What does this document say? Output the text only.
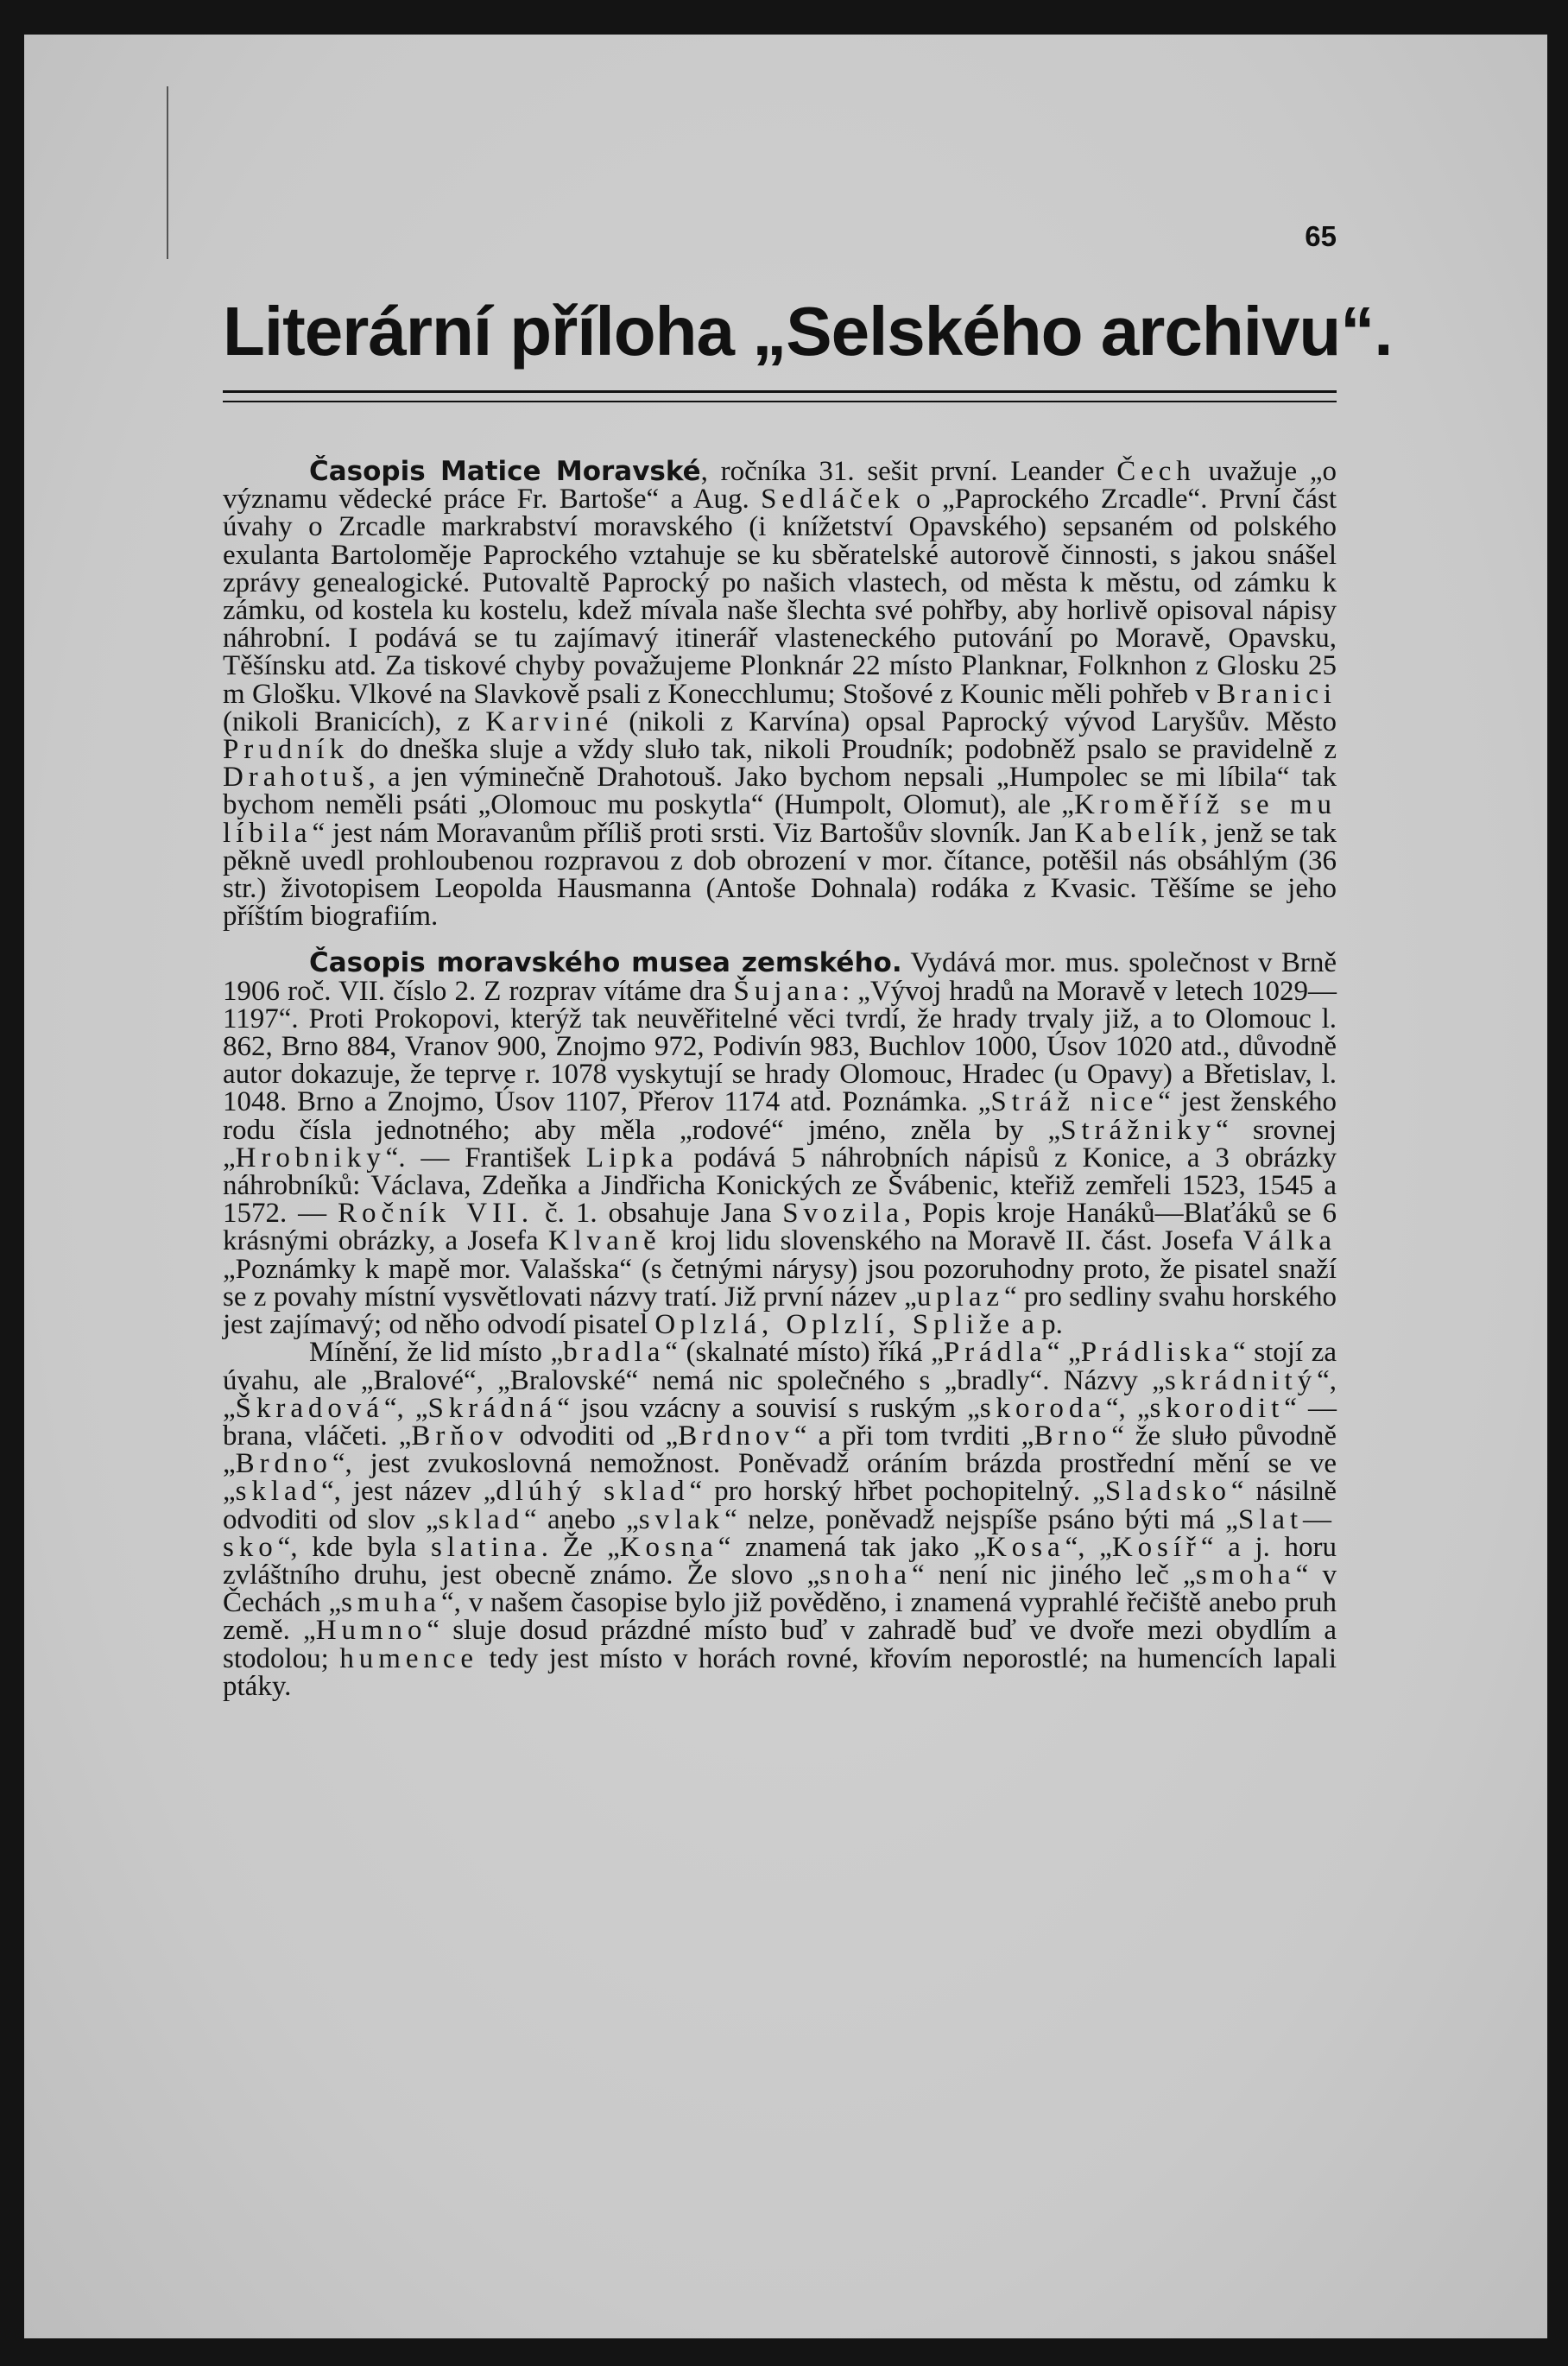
65
Literární příloha „Selského archivu“.

Časopis Matice Moravské, ročníka 31. sešit první. Leander Čech uvažuje „o významu vědecké práce Fr. Bartoše“ a Aug. Sedláček o „Paprockého Zrcadle“. První část úvahy o Zrcadle markrabství moravského (i knížetství Opavského) sepsaném od polského exulanta Bartoloměje Paprockého vztahuje se ku sběratelské autorově činnosti, s jakou snášel zprávy genealogické. Putovaltě Paprocký po našich vlastech, od města k městu, od zámku k zámku, od kostela ku kostelu, kdež mívala naše šlechta své pohřby, aby horlivě opisoval nápisy náhrobní. I podává se tu zajímavý itinerář vlasteneckého putování po Moravě, Opavsku, Těšínsku atd. Za tiskové chyby považujeme Plonknár 22 místo Planknar, Folknhon z Glosku 25 m Glošku. Vlkové na Slavkově psali z Konecchlumu; Stošové z Kounic měli pohřeb v Branici (nikoli Branicích), z Karviné (nikoli z Karvína) opsal Paprocký vývod Laryšův. Město Prudník do dneška sluje a vždy sluło tak, nikoli Proudník; podobněž psalo se pravidelně z Drahotuš, a jen výminečně Drahotouš. Jako bychom nepsali „Humpolec se mi líbila“ tak bychom neměli psáti „Olomouc mu poskytla“ (Humpolt, Olomut), ale „Kroměříž se mu líbila“ jest nám Moravanům příliš proti srsti. Viz Bartošův slovník. Jan Kabelík, jenž se tak pěkně uvedl prohloubenou rozpravou z dob obrození v mor. čítance, potěšil nás obsáhlým (36 str.) životopisem Leopolda Hausmanna (Antoše Dohnala) rodáka z Kvasic. Těšíme se jeho příštím biografiím.

Časopis moravského musea zemského. Vydává mor. mus. společnost v Brně 1906 roč. VII. číslo 2. Z rozprav vítáme dra Šujana: „Vývoj hradů na Moravě v letech 1029—1197“. Proti Prokopovi, kterýž tak neuvěřitelné věci tvrdí, že hrady trvaly již, a to Olomouc l. 862, Brno 884, Vranov 900, Znojmo 972, Podivín 983, Buchlov 1000, Úsov 1020 atd., důvodně autor dokazuje, že teprve r. 1078 vyskytují se hrady Olomouc, Hradec (u Opavy) a Břetislav, l. 1048. Brno a Znojmo, Úsov 1107, Přerov 1174 atd. Poznámka. „Stráž nice“ jest ženského rodu čísla jednotného; aby měla „rodové“ jméno, zněla by „Strážniky“ srovnej „Hrobniky“. — František Lipka podává 5 náhrobních nápisů z Konice, a 3 obrázky náhrobníků: Václava, Zdeňka a Jindřicha Konických ze Švábenic, kteřiž zemřeli 1523, 1545 a 1572. — Ročník VII. č. 1. obsahuje Jana Svozila, Popis kroje Hanáků—Blaťáků se 6 krásnými obrázky, a Josefa Klvaně kroj lidu slovenského na Moravě II. část. Josefa Válka „Poznámky k mapě mor. Valašska“ (s četnými nárysy) jsou pozoruhodny proto, že pisatel snaží se z povahy místní vysvětlovati názvy tratí. Již první název „uplaz“ pro sedliny svahu horského jest zajímavý; od něho odvodí pisatel Oplzlá, Oplzlí, Spliže a p.

Mínění, že lid místo „bradla“ (skalnaté místo) říká „Prádla“ „Prádliska“ stojí za úvahu, ale „Bralové“, „Bralovské“ nemá nic společného s „bradly“. Názvy „skrádnitý“, „Škradová“, „Skrádná“ jsou vzácny a souvisí s ruským „skoroda“, „skorodit“ — brana, vláčeti. „Brňov odvoditi od „Brdnov“ a při tom tvrditi „Brno“ že sluło původně „Brdno“, jest zvukoslovná nemožnost. Poněvadž oráním brázda prostřední mění se ve „sklad“, jest název „dlúhý sklad“ pro horský hřbet pochopitelný. „Sladsko“ násilně odvoditi od slov „sklad“ anebo „svlak“ nelze, poněvadž nejspíše psáno býti má „Slat—sko“, kde byla slatina. Že „Kosna“ znamená tak jako „Kosa“, „Kosíř“ a j. horu zvláštního druhu, jest obecně známo. Že slovo „snoha“ není nic jiného leč „smoha“ v Čechách „smuha“, v našem časopise bylo již pověděno, i znamená vyprahlé řečiště anebo pruh země. „Humno“ sluje dosud prázdné místo buď v zahradě buď ve dvoře mezi obydlím a stodolou; humence tedy jest místo v horách rovné, křovím neporostlé; na humencích lapali ptáky.
